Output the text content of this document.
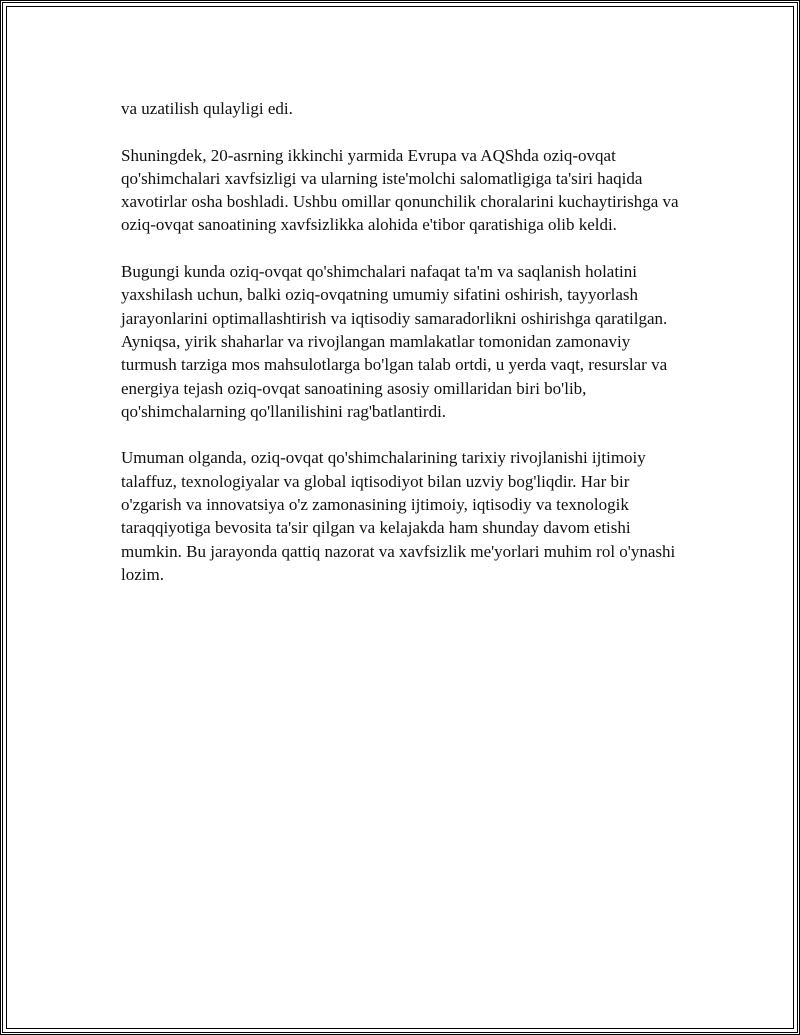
va uzatilish qulayligi edi.

Shuningdek, 20-asrning ikkinchi yarmida Evrupa va AQShda oziq-ovqat qo'shimchalari xavfsizligi va ularning iste'molchi salomatligiga ta'siri haqida xavotirlar osha boshladi. Ushbu omillar qonunchilik choralarini kuchaytirishga va oziq-ovqat sanoatining xavfsizlikka alohida e'tibor qaratishiga olib keldi.

Bugungi kunda oziq-ovqat qo'shimchalari nafaqat ta'm va saqlanish holatini yaxshilash uchun, balki oziq-ovqatning umumiy sifatini oshirish, tayyorlash jarayonlarini optimallashtirish va iqtisodiy samaradorlikni oshirishga qaratilgan. Ayniqsa, yirik shaharlar va rivojlangan mamlakatlar tomonidan zamonaviy turmush tarziga mos mahsulotlarga bo'lgan talab ortdi, u yerda vaqt, resurslar va energiya tejash oziq-ovqat sanoatining asosiy omillaridan biri bo'lib, qo'shimchalarning qo'llanilishini rag'batlantirdi.

Umuman olganda, oziq-ovqat qo'shimchalarining tarixiy rivojlanishi ijtimoiy talaffuz, texnologiyalar va global iqtisodiyot bilan uzviy bog'liqdir. Har bir o'zgarish va innovatsiya o'z zamonasining ijtimoiy, iqtisodiy va texnologik taraqqiyotiga bevosita ta'sir qilgan va kelajakda ham shunday davom etishi mumkin. Bu jarayonda qattiq nazorat va xavfsizlik me'yorlari muhim rol o'ynashi lozim.
